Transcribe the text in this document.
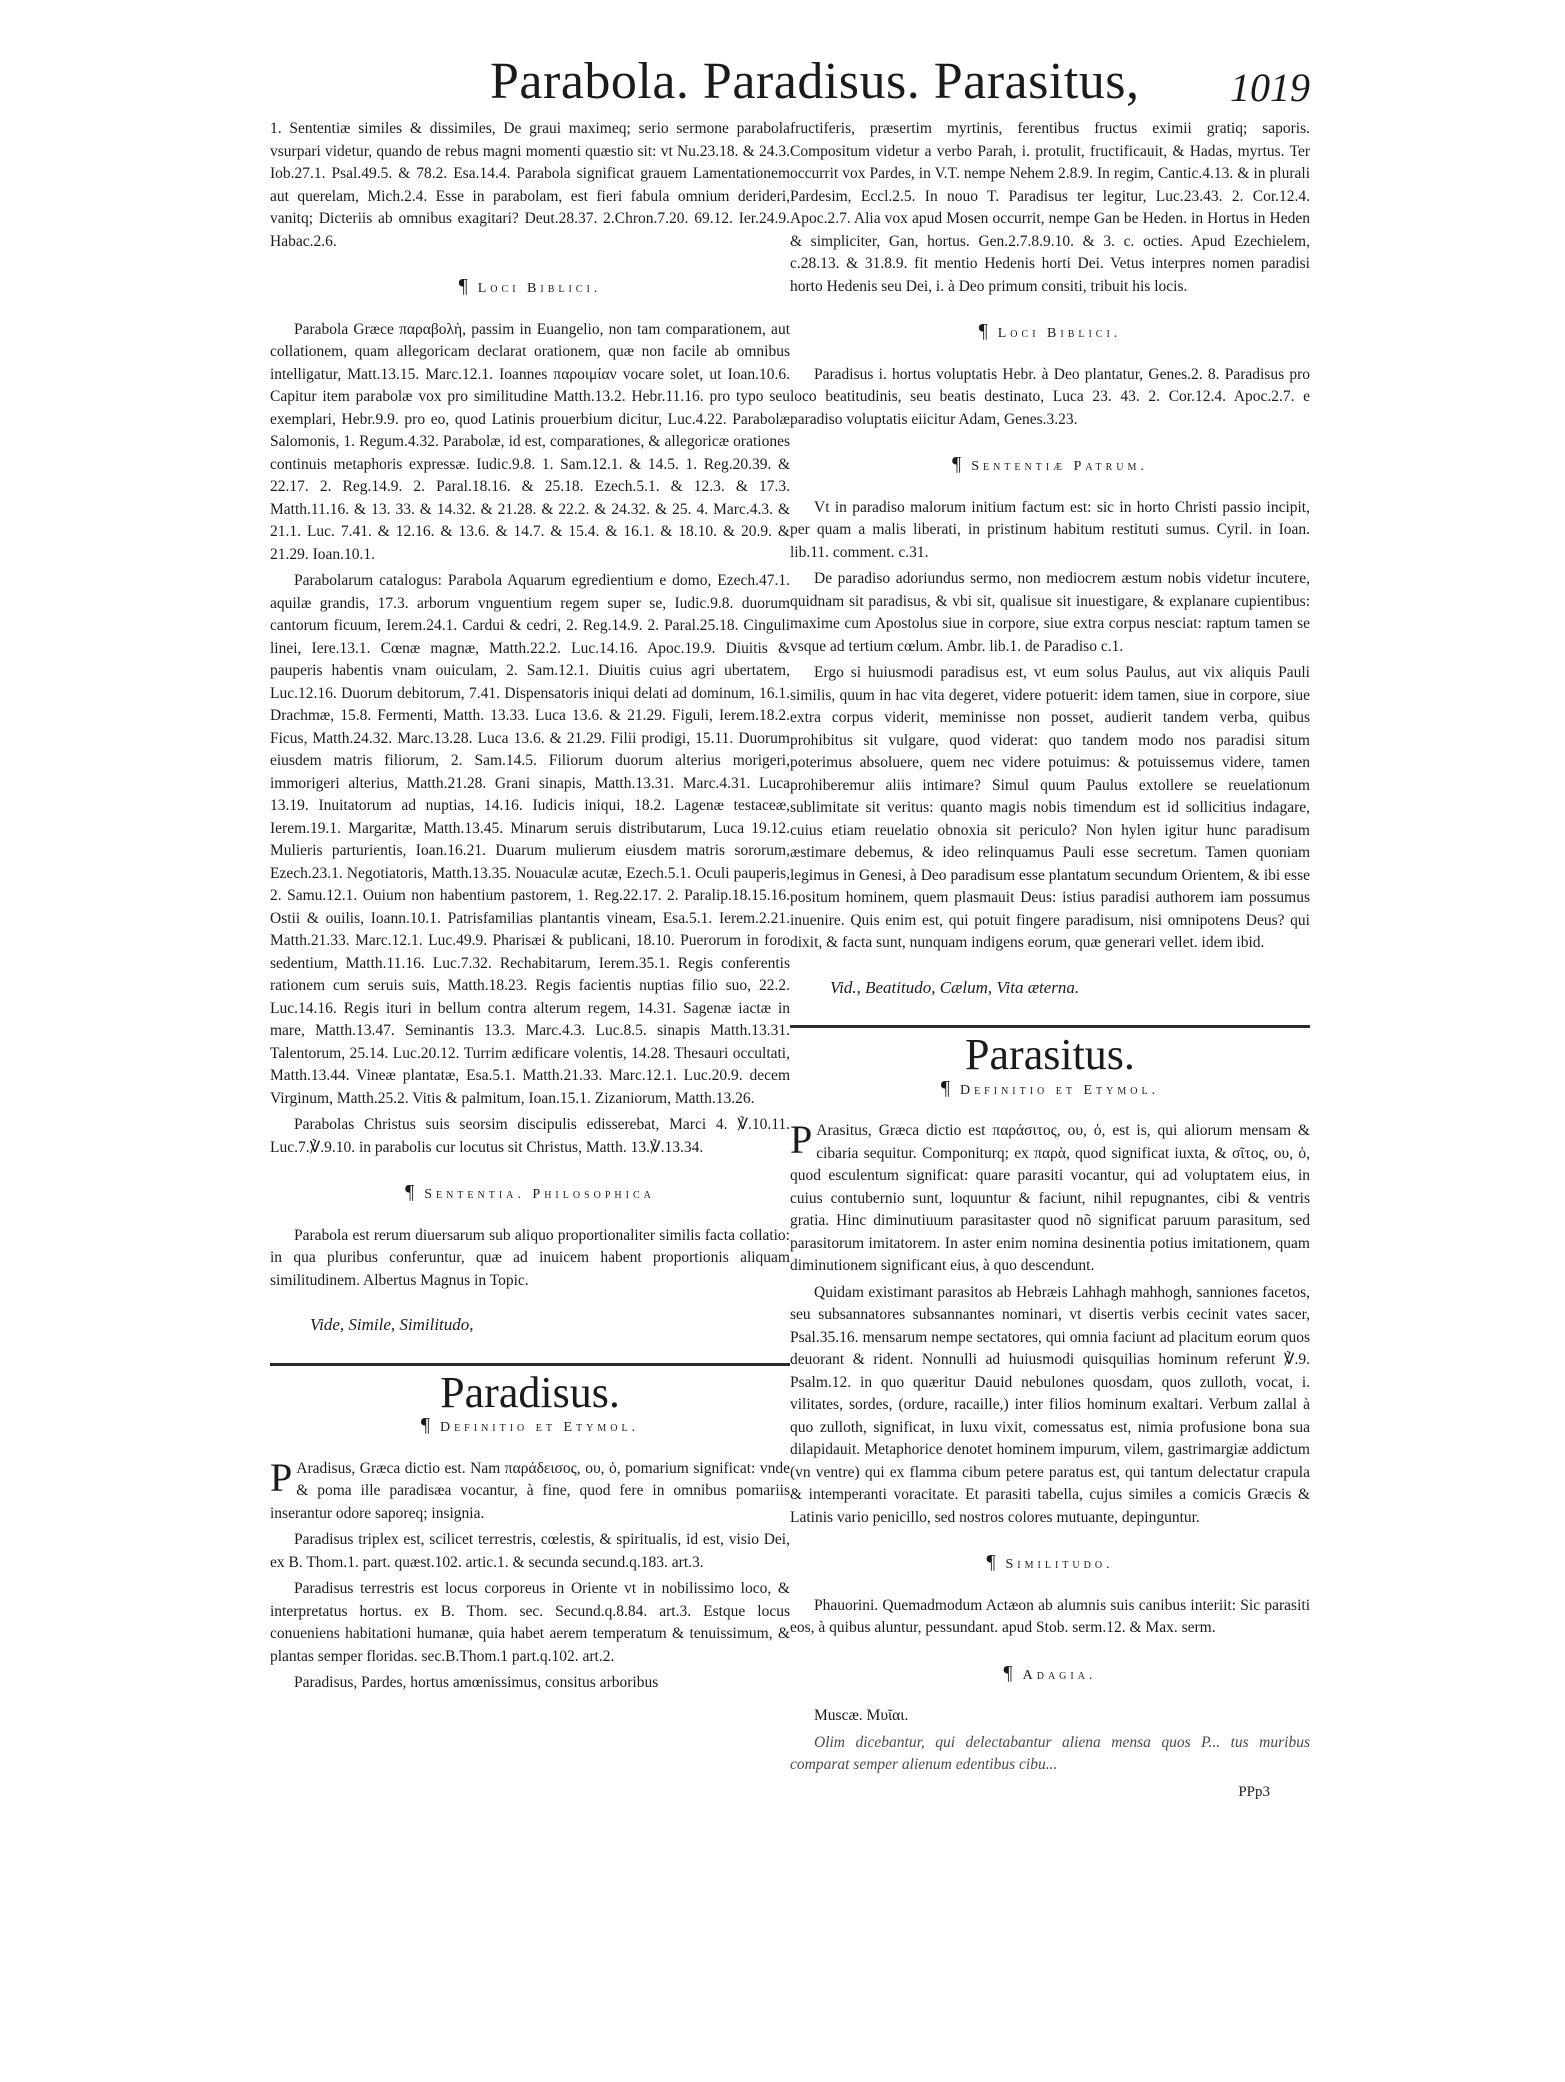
Parabola. Paradisus. Parasitus, 1019

1. Sententiæ similes & dissimiles, De graui maximeq; serio sermone parabola vsurpari videtur, quando de rebus magni momenti quæstio sit: vt Nu.23.18. & 24.3. Iob.27.1. Psal.49.5. & 78.2. Esa.14.4. Parabola significat grauem Lamentationem aut querelam, Mich.2.4. Esse in parabolam, est fieri fabula omnium derideri, vanitq; Dicteriis ab omnibus exagitari? Deut.28.37. 2.Chron.7.20. 69.12. Ier.24.9. Habac.2.6.

¶ Loci Biblici.

Parabola Græce παραβολὴ, passim in Euangelio, non tam comparationem, aut collationem, quam allegoricam declarat orationem, quæ non facile ab omnibus intelligatur, Matt.13.15. Marc.12.1. Ioannes παροιμίαν vocare solet, ut Ioan.10.6. Capitur item parabolæ vox pro similitudine Matth.13.2. Hebr.11.16. pro typo seu exemplari, Hebr.9.9. pro eo, quod Latinis prouerbium dicitur, Luc.4.22. Parabolæ Salomonis, 1. Regum.4.32. Parabolæ, id est, comparationes, & allegoricæ orationes continuis metaphoris expressæ. Iudic.9.8. 1. Sam.12.1. & 14.5. 1. Reg.20.39. & 22.17. 2. Reg.14.9. 2. Paral.18.16. & 25.18. Ezech.5.1. & 12.3. & 17.3. Matth.11.16. & 13. 33. & 14.32. & 21.28. & 22.2. & 24.32. & 25. 4. Marc.4.3. & 21.1. Luc. 7.41. & 12.16. & 13.6. & 14.7. & 15.4. & 16.1. & 18.10. & 20.9. & 21.29. Ioan.10.1.

Parabolarum catalogus: Parabola Aquarum egredientium e domo, Ezech.47.1. aquilæ grandis, 17.3. arborum vnguentium regem super se, Iudic.9.8. duorum cantorum ficuum, Ierem.24.1. Cardui & cedri, 2. Reg.14.9. 2. Paral.25.18. Cinguli linei, Iere.13.1. Cœnæ magnæ, Matth.22.2. Luc.14.16. Apoc.19.9. Diuitis & pauperis habentis vnam ouiculam, 2. Sam.12.1. Diuitis cuius agri ubertatem, Luc.12.16. Duorum debitorum, 7.41. Dispensatoris iniqui delati ad dominum, 16.1. Drachmæ, 15.8. Fermenti, Matth. 13.33. Luca 13.6. & 21.29. Figuli, Ierem.18.2. Ficus, Matth.24.32. Marc.13.28. Luca 13.6. & 21.29. Filii prodigi, 15.11. Duorum eiusdem matris filiorum, 2. Sam.14.5. Filiorum duorum alterius morigeri, immorigeri alterius, Matth.21.28. Grani sinapis, Matth.13.31. Marc.4.31. Luca 13.19. Inuitatorum ad nuptias, 14.16. Iudicis iniqui, 18.2. Lagenæ testaceæ, Ierem.19.1. Margaritæ, Matth.13.45. Minarum seruis distributarum, Luca 19.12. Mulieris parturientis, Ioan.16.21. Duarum mulierum eiusdem matris sororum, Ezech.23.1. Negotiatoris, Matth.13.35. Nouaculæ acutæ, Ezech.5.1. Oculi pauperis, 2. Samu.12.1. Ouium non habentium pastorem, 1. Reg.22.17. 2. Paralip.18.15.16. Ostii & ouilis, Ioann.10.1. Patrisfamilias plantantis vineam, Esa.5.1. Ierem.2.21. Matth.21.33. Marc.12.1. Luc.49.9. Pharisæi & publicani, 18.10. Puerorum in foro sedentium, Matth.11.16. Luc.7.32. Rechabitarum, Ierem.35.1. Regis conferentis rationem cum seruis suis, Matth.18.23. Regis facientis nuptias filio suo, 22.2. Luc.14.16. Regis ituri in bellum contra alterum regem, 14.31. Sagenæ iactæ in mare, Matth.13.47. Seminantis 13.3. Marc.4.3. Luc.8.5. sinapis Matth.13.31. Talentorum, 25.14. Luc.20.12. Turrim ædificare volentis, 14.28. Thesauri occultati, Matth.13.44. Vineæ plantatæ, Esa.5.1. Matth.21.33. Marc.12.1. Luc.20.9. decem Virginum, Matth.25.2. Vitis & palmitum, Ioan.15.1. Zizaniorum, Matth.13.26.

Parabolas Christus suis seorsim discipulis edisserebat, Marci 4. ℣.10.11. Luc.7.℣.9.10. in parabolis cur locutus sit Christus, Matth. 13.℣.13.34.

¶ Sententia. Philosophica

Parabola est rerum diuersarum sub aliquo proportionaliter similis facta collatio: in qua pluribus conferuntur, quæ ad inuicem habent proportionis aliquam similitudinem. Albertus Magnus in Topic.

Vide, Simile, Similitudo,
Paradisus.
¶ Definitio et Etymol.

P Aradisus, Græca dictio est. Nam παράδεισος, ου, ὁ, pomarium significat: vnde & poma ille paradisæa vocantur, à fine, quod fere in omnibus pomariis inserantur odore saporeq; insignia.

Paradisus triplex est, scilicet terrestris, cœlestis, & spiritualis, id est, visio Dei, ex B. Thom.1. part. quæst.102. artic.1. & secunda secund.q.183. art.3.

Paradisus terrestris est locus corporeus in Oriente vt in nobilissimo loco, & interpretatus hortus. ex B. Thom. sec. Secund.q.8.84. art.3. Estque locus conueniens habitationi humanæ, quia habet aerem temperatum & tenuissimum, & plantas semper floridas. sec.B.Thom.1 part.q.102. art.2.

Paradisus, Pardes, hortus amœnissimus, consitus arboribus

fructiferis, præsertim myrtinis, ferentibus fructus eximii gratiq; saporis. Compositum videtur a verbo Parah, i. protulit, fructificauit, & Hadas, myrtus. Ter occurrit vox Pardes, in V.T. nempe Nehem 2.8.9. In regim, Cantic.4.13. & in plurali Pardesim, Eccl.2.5. In nouo T. Paradisus ter legitur, Luc.23.43. 2. Cor.12.4. Apoc.2.7. Alia vox apud Mosen occurrit, nempe Gan be Heden. in Hortus in Heden & simpliciter, Gan, hortus. Gen.2.7.8.9.10. & 3. c. octies. Apud Ezechielem, c.28.13. & 31.8.9. fit mentio Hedenis horti Dei. Vetus interpres nomen paradisi horto Hedenis seu Dei, i. à Deo primum consiti, tribuit his locis.

¶ Loci Biblici.

Paradisus i. hortus voluptatis Hebr. à Deo plantatur, Genes.2. 8. Paradisus pro loco beatitudinis, seu beatis destinato, Luca 23. 43. 2. Cor.12.4. Apoc.2.7. e paradiso voluptatis eiicitur Adam, Genes.3.23.

¶ Sententiæ Patrum.

Vt in paradiso malorum initium factum est: sic in horto Christi passio incipit, per quam a malis liberati, in pristinum habitum restituti sumus. Cyril. in Ioan. lib.11. comment. c.31.

De paradiso adoriundus sermo, non mediocrem æstum nobis videtur incutere, quidnam sit paradisus, & vbi sit, qualisue sit inuestigare, & explanare cupientibus: maxime cum Apostolus siue in corpore, siue extra corpus nesciat: raptum tamen se vsque ad tertium cœlum. Ambr. lib.1. de Paradiso c.1.

Ergo si huiusmodi paradisus est, vt eum solus Paulus, aut vix aliquis Pauli similis, quum in hac vita degeret, videre potuerit: idem tamen, siue in corpore, siue extra corpus viderit, meminisse non posset, audierit tandem verba, quibus prohibitus sit vulgare, quod viderat: quo tandem modo nos paradisi situm poterimus absoluere, quem nec videre potuimus: & potuissemus videre, tamen prohiberemur aliis intimare? Simul quum Paulus extollere se reuelationum sublimitate sit veritus: quanto magis nobis timendum est id sollicitius indagare, cuius etiam reuelatio obnoxia sit periculo? Non hylen igitur hunc paradisum æstimare debemus, & ideo relinquamus Pauli esse secretum. Tamen quoniam legimus in Genesi, à Deo paradisum esse plantatum secundum Orientem, & ibi esse positum hominem, quem plasmauit Deus: istius paradisi authorem iam possumus inuenire. Quis enim est, qui potuit fingere paradisum, nisi omnipotens Deus? qui dixit, & facta sunt, nunquam indigens eorum, quæ generari vellet. idem ibid.

Vid., Beatitudo, Cælum, Vita æterna.
Parasitus.
¶ Definitio et Etymol.

P Arasitus, Græca dictio est παράσιτος, ου, ὁ, est is, qui aliorum mensam & cibaria sequitur. Componiturq; ex παρὰ, quod significat iuxta, & σῖτος, ου, ὁ, quod esculentum significat: quare parasiti vocantur, qui ad voluptatem eius, in cuius contubernio sunt, loquuntur & faciunt, nihil repugnantes, cibi & ventris gratia. Hinc diminutiuum parasitaster quod nõ significat paruum parasitum, sed parasitorum imitatorem. In aster enim nomina desinentia potius imitationem, quam diminutionem significant eius, à quo descendunt.

Quidam existimant parasitos ab Hebræis Lahhagh mahhogh, sanniones facetos, seu subsannatores subsannantes nominari, vt disertis verbis cecinit vates sacer, Psal.35.16. mensarum nempe sectatores, qui omnia faciunt ad placitum eorum quos deuorant & rident. Nonnulli ad huiusmodi quisquilias hominum referunt ℣.9. Psalm.12. in quo quæritur Dauid nebulones quosdam, quos zulloth, vocat, i. vilitates, sordes, (ordure, racaille,) inter filios hominum exaltari. Verbum zallal à quo zulloth, significat, in luxu vixit, comessatus est, nimia profusione bona sua dilapidauit. Metaphorice denotet hominem impurum, vilem, gastrimargiæ addictum (vn ventre) qui ex flamma cibum petere paratus est, qui tantum delectatur crapula & intemperanti voracitate. Et parasiti tabella, cujus similes a comicis Græcis & Latinis vario penicillo, sed nostros colores mutuante, depinguntur.

¶ Similitudo.

Phauorini. Quemadmodum Actæon ab alumnis suis canibus interiit: Sic parasiti eos, à quibus aluntur, pessundant. apud Stob. serm.12. & Max. serm.

¶ Adagia.

Muscæ. Μυῖαι.

Olim dicebantur, qui delectabantur aliena mensa quos P... tus muribus comparat semper alienum edentibus cibu...

PPp3
